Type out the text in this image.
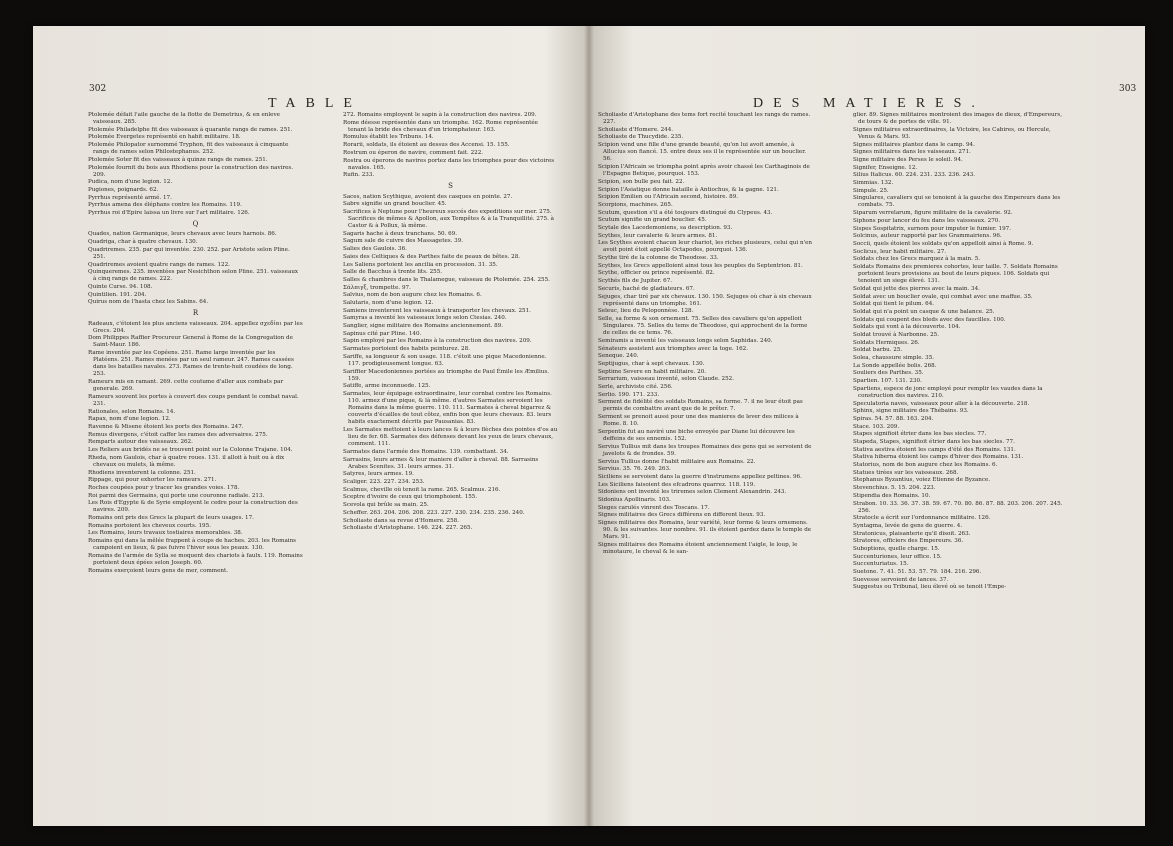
302
TABLE	DES MATIERES.
303

Ptolemée défait l'aile gauche de la flotte de Demetrius, & en enleve vaisseaux. 285.

Ptolemée Philadelphe fit des vaisseaux à quarante rangs de rames. 251.

Ptolemée Evergetes représenté en habit militaire. 18.

Ptolemée Philopator surnommé Tryphon, fit des vaisseaux à cinquante rangs de rames selon Philostephanus. 252.

Ptolemée Soter fit des vaisseaux à quinze rangs de rames. 251.

Ptolemée fournit du bois aux Rhodiens pour la construction des navires. 209.

Pudica, nom d'une legion. 12.

Pugiones, poignards. 62.

Pyrrhus représenté armé. 17.

Pyrrhus amena des éléphans contre les Romains. 119.

Pyrrhus roi d'Epire laissa un livre sur l'art militaire. 126.

Q

Quades, nation Germanique, leurs chevaux avec leurs harnois. 86.

Quadriga, char à quatre chevaux. 130.

Quadriremes. 235. par qui inventée. 230. 252. par Aristote selon Pline. 251.

Quadriremes avoient quatre rangs de rames. 122.

Quinqueremes. 235. inventées par Nesichthon selon Pline. 251. vaisseaux à cinq rangs de rames. 222.

Quinte Curse. 94. 108.

Quintilien. 191. 204.

Quirus nom de l'hasta chez les Sabins. 64.

R

Radeaux, c'étoient les plus anciens vaisseaux. 204. appellez σχεδίαι par les Grecs. 204.

Dom Philippes Raffier Procureur General à Rome de la Congregation de Saint-Maur. 186.

Rame inventée par les Copéens. 251. Rame large inventée par les Platéens. 251. Rames menées par un seul rameur. 247. Rames cassées dans les batailles navales. 273. Rames de trente-huit coudées de long. 253.

Rameurs mis en ramant. 269. cette coutume d'aller aux combats par generale. 269.

Rameurs souvent les portes à couvert des coups pendant le combat naval. 231.

Rationales, selon Romains. 14.

Rapax, nom d'une legion. 12.

Ravenne & Misene étoient les ports des Romains. 247.

Remus divergens, c'étoit caffer les rames des adversaires. 275.

Remparts autour des vaisseaux. 262.

Les Reliers aux bridés ne se trouvent point sur la Colonne Trajane. 104.

Rheda, nom Gaulois, char à quatre roues. 131. il alloit à huit ou à dix chevaux ou mulets, là même.

Rhodiens inventerent la colonne. 251.

Rippage, qui pour exhorter les rameurs. 271.

Roches coupées pour y tracer les grandes voies. 178.

Roi parmi des Germains, qui porte une couronne radiale. 213.

Les Rois d'Egypte & de Syrie employent le cedre pour la construction des navires. 209.

Romains ont pris des Grecs la plupart de leurs usages. 17.

Romains portoient les cheveux courts. 195.

Les Romains, leurs travaux tostiaires memorables. 38.

Romains qui dans la mêlée frappent à coups de haches. 203. les Romains campoient en lieux, & pas fuivre l'hiver sous les peaux. 130.

Romains de l'armée de Sylla se moquent des chariots à faulx. 119. Romains portoient deux épées selon Joseph. 60.

Romains exerçoient leurs gens de mer, comment.

272. Romains employent le sapin à la construction des navires. 209.

Rome déesse représentée dans un triomphe. 162. Rome représentée tenant la bride des chevaux d'un triomphateur. 163.

Romulus établit les Tribuns. 14.

Rorarii, soldats, ils étoient au dessus des Accensi. 15. 155.

Rostrum ou éperon de navire, comment fait. 222.

Rostra ou éperons de navires portez dans les triomphes pour des victoires navales. 165.

Rufin. 233.

S

Saces, nation Scythique, avoient des casques en pointe. 27.

Sabre signifie un grand bouclier. 45.

Sacrifices à Neptune pour l'heureux succés des expeditions sur mer. 275. Sacrifices de mêmes & Apollon, aux Tempêtes & à la Tranquillité. 275. à Castor & à Pollux, là même.

Sagaris hache à deux tranchans. 50. 69.

Sagum sale de cuivre des Massagetes. 39.

Salies des Gaulois. 36.

Saies des Celtiques & des Parthes faite de peaux de bêtes. 28.

Les Saliens portoient les ancilia en procession. 31. 35.

Salle de Bacchus à trente lits. 255.

Salles & chambres dans le Thalamegue, vaisseau de Ptolemée. 254. 255.

Σάλπιγξ, trompette. 97.

Salvius, nom de bon augure chez les Romains. 6.

Salutaris, nom d'une legion. 12.

Samiens inventerent les vaisseaux à transporter les chevaux. 251.

Samyras a inventé les vaisseaux longs selon Ctesias. 240.

Sanglier, signe militaire des Romains anciennement. 89.

Sapinus cité par Pline. 140.

Sapin employé par les Romains à la construction des navires. 209.

Sarmates portoient des habits peinturez. 28.

Sariffe, sa longueur & son usage. 118. c'étoit une pique Macedonienne. 117. prodigieusement longue. 63.

Sariffier Macedoniennes portées au triomphe de Paul Émile les Æmilius. 159.

Satiffe, arme inconnuede. 125.

Sarmates, leur équipage extraordinaire, leur cornbat contre les Romains. 110. armez d'une pique, & là même. d'autres Sarmates servoient les Romains dans la même guerre. 110. 111. Sarmates à cheval bigarrez & couverts d'écailles de tout côtez, enfin bon que leurs chevaux. 83. leurs habits exactement décrits par Pausanias. 83.

Les Sarmates mettoient à leurs lances & à leurs flèches des pointes d'os au lieu de fer. 68. Sarmates des défenses devant les yeux de leurs chevaux, comment. 111.

Sarmates dans l'armée des Romains. 139. combattant. 34.

Sarrasins, leurs armes & leur maniere d'aller à cheval. 88. Sarrasins Arabes Scenites. 31. leurs armes. 31.

Satyres, leurs armes. 19.

Scaliger. 223. 227. 234. 253.

Scalmus, cheville où tenoit la rame. 265. Scalmus. 216.

Sceptre d'ivoire de ceux qui triomphoient. 155.

Scevola qui brûle sa main. 25.

Scheffer. 263. 204. 206. 208. 223. 227. 230. 234. 235. 236. 240.

Scholiaste dans sa revue d'Homere. 258.

Scholiaste d'Aristophane. 146. 224. 227. 265.

Scholiaste d'Aristophane des tems fort recité touchant les rangs de rames. 227.

Scholiaste d'Homere. 244.

Scholiaste de Thucydide. 235.

Scipion vend une fille d'une grande beauté, qu'on lui avoit amenée, à Allucius son fiancé. 15. entre deux ses il le représentée sur un bouclier. 56.

Scipion l'Africain se triompha point après avoir chassé les Carthaginois de l'Espagne Betique, pourquoi. 153.

Scipion, son bulle peu fait. 22.

Scipion l'Asiatique donne bataille à Antiochus, & la gagne. 121.

Scipion Emilien ou l'Africain second, histoire. 89.

Scorpions, machines. 265.

Scutum, question s'il a été toujours distingué du Clypeus. 43.

Scutum signifie un grand bouclier. 45.

Scytale des Lacedemoniens, sa description. 93.

Scythes, leur cavalerie & leurs armes. 81.

Les Scythes avoient chacun leur chariot, les riches plusieurs, celui qui n'en avoit point étoit appellé Octapodes, pourquoi. 136.

Scythe tiré de la colonne de Theodose. 33.

Scythes, les Grecs appelloient ainsi tous les peuples du Septentrion. 81.

Scythe, officier ou prince représenté. 82.

Scythés fils de Jupiter. 67.

Securis, haché de gladiateurs. 67.

Sejuges, char tiré par six chevaux. 130. 150. Sejuges où char à six chevaux représenté dans un triomphe. 161.

Seleuc, lieu du Peloponnèse. 128.

Selle, sa forme & son ornement. 75. Selles des cavaliers qu'on appelloit Singulares. 75. Selles du tems de Theodose, qui approchent de la forme de celles de ce tems. 76.

Semiramis a inventé les vaisseaux longs selon Saphidas. 240.

Sénateurs assistent aux triomphes avec la toge. 162.

Seneque. 240.

Septijugus, char à sept chevaux. 130.

Septime Severe en habit militaire. 20.

Serrarium, vaisseau inventé, selon Claude. 252.

Serle, archiviste cité. 256.

Serlio. 190. 171. 233.

Serment de fidélité des soldats Romains, sa forme. 7. il ne leur étoit pas permis de combattre avant que de le prêter. 7.

Serment se prenoit aussi pour une des manieres de lever des milices à Rome. 8. 10.

Serpentin fut au naviré une biche envoyée par Diane lui découvre les deffeins de ses ennemis. 152.

Servius Tullius mit dans les troupes Romaines des gens qui se servoient de javelots & de frondes. 59.

Servius Tullius donne l'habit militaire aux Romains. 22.

Servius. 35. 76. 249. 263.

Siciliens se servoient dans la guerre d'instrumens appellez peltines. 96.

Les Siciliens faisoient des efcadrons quarrez. 118. 119.

Sidoniens ont inventé les triremes selon Clement Alexandrin. 243.

Sidonius Apollinaris. 103.

Sieges carulés vinrent des Toscans. 17.

Signes militaires des Grecs différens en different lieux. 93.

Signes militaires des Romains, leur variété, leur forme & leurs ornemens. 90. & les suivantes. leur nombre. 91. ils étoient gardez dans le temple de Mars. 91.

Signes militaires des Romains étoient anciennement l'aigle, le loup, le minotaure, le cheval & le san-

glier. 89. Signes militaires montroient des images de dieux, d'Empereurs, de tours & de portes de ville. 91.

Signes militaires extraordinaires, la Victoire, les Cabires, ou Hercule, Venus & Mars. 93.

Signes militaires plantez dans le camp. 94.

Signes militaires dans les vaisseaux. 271.

Signe militaire des Perses le soleil. 94.

Signifer, Enseigne. 12.

Silius Italicus. 60. 224. 231. 233. 236. 243.

Simmias. 132.

Simpule. 25.

Singulares, cavaliers qui se tenoient à la gauche des Empereurs dans les combats. 75.

Siparum verrelarum, figure militaire de la cavalerie. 92.

Siphons pour lancer du feu dans les vaisseaux. 270.

Sispes Sospitatrix, surnom pour imputer le fumier. 197.

Solcinus, auteur rapporté par les Grammairiens. 96.

Soccii, quels étoient les soldats qu'on appelloit ainsi à Rome. 9.

Soclicus, leur habit militaire. 27.

Soldats chez les Grecs marquez à la main. 5.

Soldats Romains des premieres cohortes, leur taille. 7. Soldats Romains portoient leurs provisions au bout de leurs piques. 106. Soldats qui tenoient un siege élevé. 131.

Soldat qui jette des pierres avec la main. 34.

Soldat avec un bouclier ovale, qui combat avec une maffue. 35.

Soldat qui tient le pilum. 64.

Soldat qui n'a point un casque & une balance. 25.

Soldats qui coupent des bleds avec des faucilles. 100.

Soldats qui vont à la découverte. 104.

Soldat trouvé à Narbonne. 25.

Soldats Hermiques. 26.

Soldat barbu. 25.

Solea, chaussure simple. 35.

La Sonde appellée bolis. 268.

Souliers des Parthes. 35.

Spartien. 107. 131. 230.

Spartiens, espece de jonc employé pour remplir les vaudes dans la construction des navires. 210.

Speculatoria naves, vaisseaux pour aller à la découverte. 218.

Sphinx, signe militaire des Thébains. 93.

Spiras. 54. 57. 88. 163. 204.

Stace. 103. 209.

Stapes signifioit étrier dans les bas siecles. 77.

Stapeda, Stapes, signifioit étrier dans les bas siecles. 77.

Stativa aestiva étoient les camps d'été des Romains. 131.

Stativa hiberna étoient les camps d'hiver des Romains. 131.

Statorius, nom de bon augure chez les Romains. 6.

Statues tirées sur les vaisseaux. 268.

Stephanus Byzantius, voiez Etienne de Byzance.

Stevenchius. 5. 15. 204. 223.

Stipendia des Romains. 10.

Strabon. 10. 33. 36. 37. 38. 59. 67. 70. 80. 86. 87. 88. 203. 206. 207. 245. 256.

Stratocle a écrit sur l'ordonnance militaire. 126.

Syntagma, levée de gens de guerre. 4.

Stratonicus, plaisanterie qu'il disoit. 263.

Stratores, officiers des Empereurs. 36.

Suboptions, quelle charge. 15.

Succenturiones, leur office. 15.

Succenturiatus. 15.

Suetone. 7. 41. 51. 53. 57. 79. 184. 216. 296.

Suevesse servoient de lances. 37.

Suggestus ou Tribunal, lieu élevé où se tenoit l'Empe-
